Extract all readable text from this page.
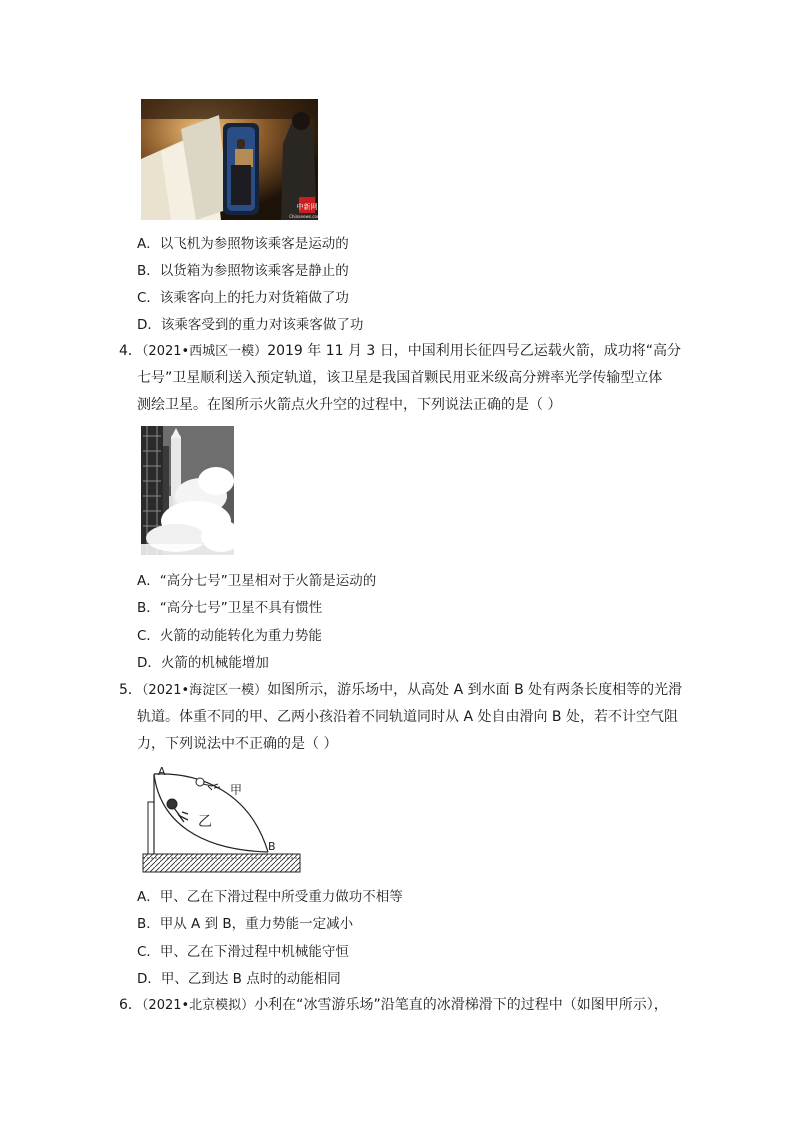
中新网
Chinanews.com
A．以飞机为参照物该乘客是运动的
B．以货箱为参照物该乘客是静止的
C．该乘客向上的托力对货箱做了功
D．该乘客受到的重力对该乘客做了功
4．（2021•西城区一模）2019 年 11 月 3 日，中国利用长征四号乙运载火箭，成功将“高分
七号”卫星顺利送入预定轨道，该卫星是我国首颗民用亚米级高分辨率光学传输型立体
测绘卫星。在图所示火箭点火升空的过程中，下列说法正确的是（ ）
A．“高分七号”卫星相对于火箭是运动的
B．“高分七号”卫星不具有惯性
C．火箭的动能转化为重力势能
D．火箭的机械能增加
5．（2021•海淀区一模）如图所示，游乐场中，从高处 A 到水面 B 处有两条长度相等的光滑
轨道。体重不同的甲、乙两小孩沿着不同轨道同时从 A 处自由滑向 B 处，若不计空气阻
力，下列说法中不正确的是（ ）
A
B
甲
乙
A．甲、乙在下滑过程中所受重力做功不相等
B．甲从 A 到 B，重力势能一定减小
C．甲、乙在下滑过程中机械能守恒
D．甲、乙到达 B 点时的动能相同
6．（2021•北京模拟）小利在“冰雪游乐场”沿笔直的冰滑梯滑下的过程中（如图甲所示），
